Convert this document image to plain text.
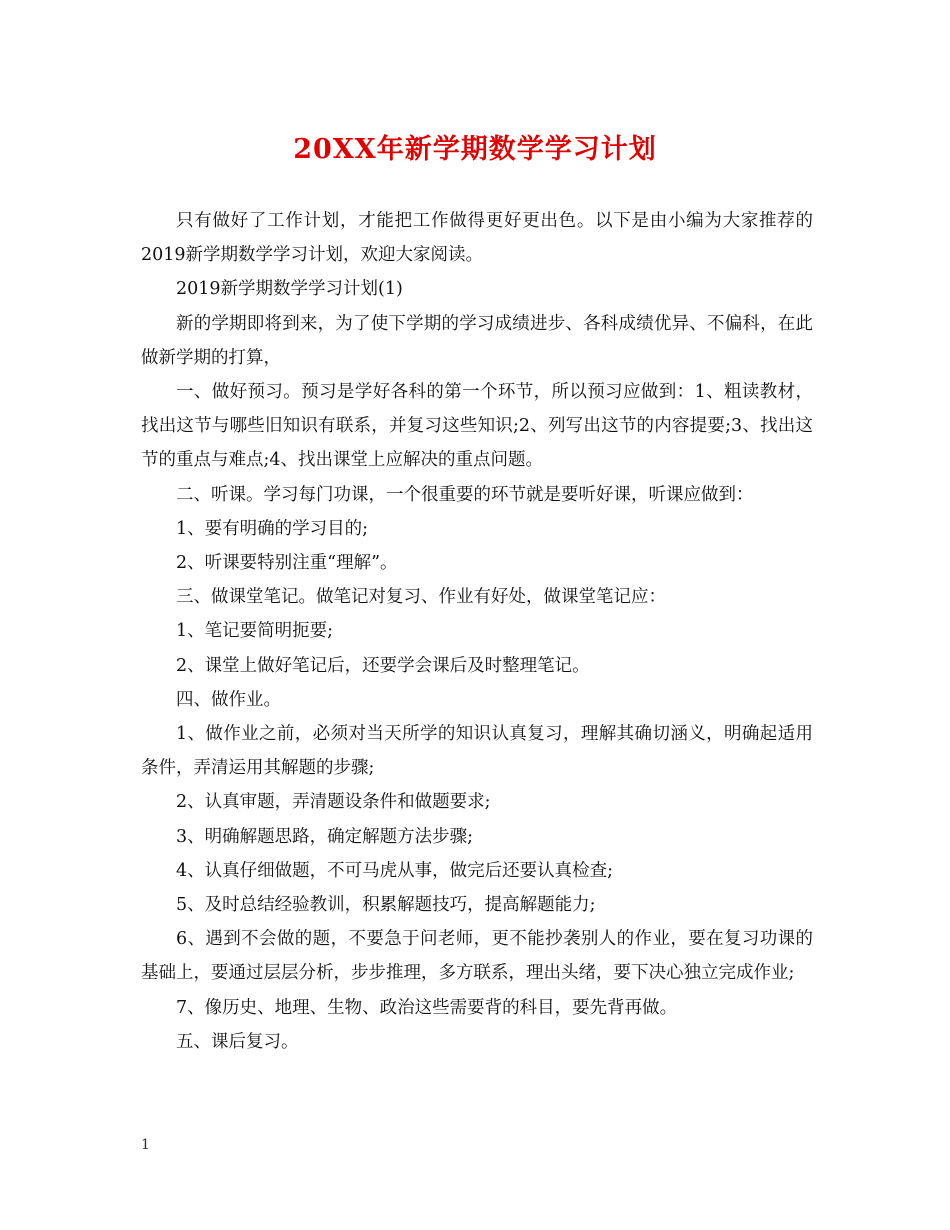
20XX年新学期数学学习计划

只有做好了工作计划，才能把工作做得更好更出色。以下是由小编为大家推荐的2019新学期数学学习计划，欢迎大家阅读。

2019新学期数学学习计划(1)

新的学期即将到来，为了使下学期的学习成绩进步、各科成绩优异、不偏科，在此做新学期的打算，

一、做好预习。预习是学好各科的第一个环节，所以预习应做到：1、粗读教材，找出这节与哪些旧知识有联系，并复习这些知识;2、列写出这节的内容提要;3、找出这节的重点与难点;4、找出课堂上应解决的重点问题。

二、听课。学习每门功课，一个很重要的环节就是要听好课，听课应做到：

1、要有明确的学习目的;

2、听课要特别注重“理解”。

三、做课堂笔记。做笔记对复习、作业有好处，做课堂笔记应：

1、笔记要简明扼要;

2、课堂上做好笔记后，还要学会课后及时整理笔记。

四、做作业。

1、做作业之前，必须对当天所学的知识认真复习，理解其确切涵义，明确起适用条件，弄清运用其解题的步骤;

2、认真审题，弄清题设条件和做题要求;

3、明确解题思路，确定解题方法步骤;

4、认真仔细做题，不可马虎从事，做完后还要认真检查;

5、及时总结经验教训，积累解题技巧，提高解题能力;

6、遇到不会做的题，不要急于问老师，更不能抄袭别人的作业，要在复习功课的基础上，要通过层层分析，步步推理，多方联系，理出头绪，要下决心独立完成作业;

7、像历史、地理、生物、政治这些需要背的科目，要先背再做。

五、课后复习。

1
